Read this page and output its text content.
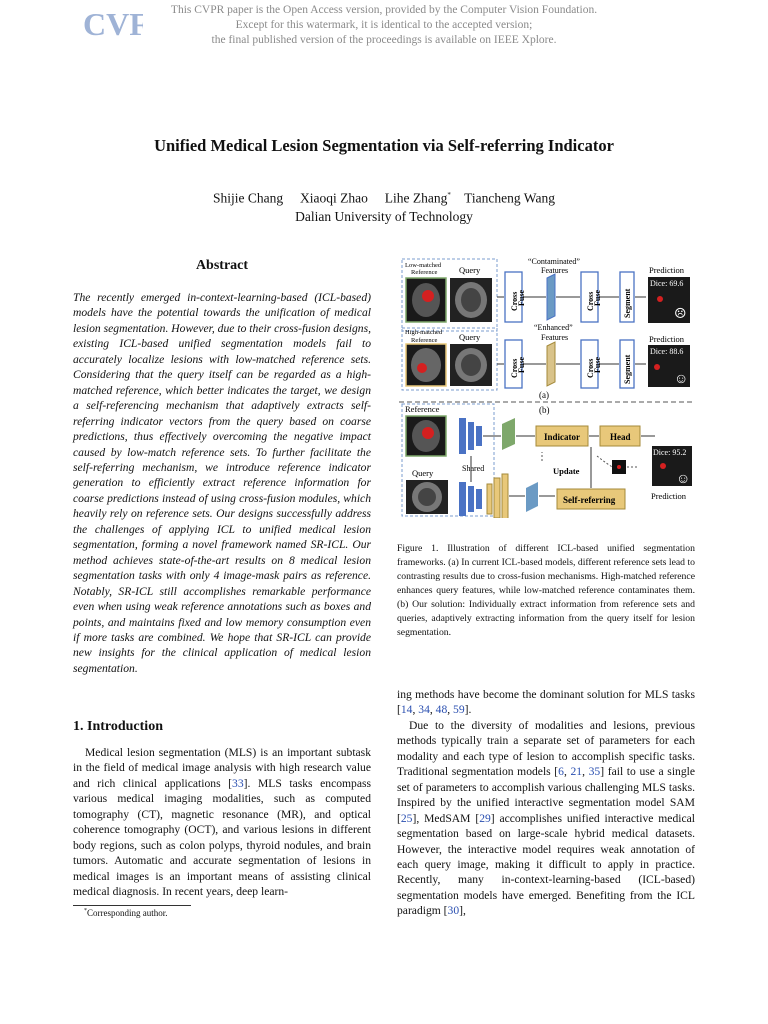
CVF	This CVPR paper is the Open Access version, provided by the Computer Vision Foundation.
Except for this watermark, it is identical to the accepted version;
the final published version of the proceedings is available on IEEE Xplore.
Unified Medical Lesion Segmentation via Self-referring Indicator
Shijie Chang Xiaoqi Zhao Lihe Zhang* Tiancheng Wang
Dalian University of Technology
Abstract
The recently emerged in-context-learning-based (ICL-based) models have the potential towards the unification of medical lesion segmentation. However, due to their cross-fusion designs, existing ICL-based unified segmentation models fail to accurately localize lesions with low-matched reference sets. Considering that the query itself can be regarded as a high-matched reference, which better indicates the target, we design a self-referencing mechanism that adaptively extracts self-referring indicator vectors from the query based on coarse predictions, thus effectively overcoming the negative impact caused by low-match reference sets. To further facilitate the self-referring mechanism, we introduce reference indicator generation to efficiently extract reference information for coarse predictions instead of using cross-fusion modules, which heavily rely on reference sets. Our designs successfully address the challenges of applying ICL to unified medical lesion segmentation, forming a novel framework named SR-ICL. Our method achieves state-of-the-art results on 8 medical lesion segmentation tasks with only 4 image-mask pairs as reference. Notably, SR-ICL still accomplishes remarkable performance even when using weak reference annotations such as boxes and points, and maintains fixed and low memory consumption even if more tasks are combined. We hope that SR-ICL can provide new insights for the clinical application of medical lesion segmentation.
1. Introduction

Medical lesion segmentation (MLS) is an important subtask in the field of medical image analysis with high research value and rich clinical applications [33]. MLS tasks encompass various medical imaging modalities, such as computed tomography (CT), magnetic resonance (MR), and optical coherence tomography (OCT), and various lesions in different body regions, such as colon polyps, thyroid nodules, and brain tumors. Automatic and accurate segmentation of lesions in medical images is an important means of assisting clinical medical diagnosis. In recent years, deep learn-

*Corresponding author.
Low-matched
Reference	Query
“Contaminated”
Features
Cross
Fuse	Cross
Fuse	Segment
Prediction
Dice: 69.6
☹
High-matched
Reference	Query
“Enhanced”
Features
Cross
Fuse	Cross
Fuse	Segment
Prediction
Dice: 88.6
☺
(a)
(b)
Reference
Query	Shared
Indicator	Head
Update
Self-referring
Dice: 95.2
☺
Prediction
Figure 1. Illustration of different ICL-based unified segmentation frameworks. (a) In current ICL-based models, different reference sets lead to contrasting results due to cross-fusion mechanisms. High-matched reference enhances query features, while low-matched reference contaminates them. (b) Our solution: Individually extract information from reference sets and queries, adaptively extracting information from the query itself for lesion segmentation.

ing methods have become the dominant solution for MLS tasks [14, 34, 48, 59].

Due to the diversity of modalities and lesions, previous methods typically train a separate set of parameters for each modality and each type of lesion to accomplish specific tasks. Traditional segmentation models [6, 21, 35] fail to use a single set of parameters to accomplish various challenging MLS tasks. Inspired by the unified interactive segmentation model SAM [25], MedSAM [29] accomplishes unified interactive medical segmentation based on large-scale hybrid medical datasets. However, the interactive model requires weak annotation of each query image, making it difficult to apply in practice. Recently, many in-context-learning-based (ICL-based) segmentation models have emerged. Benefiting from the ICL paradigm [30],
